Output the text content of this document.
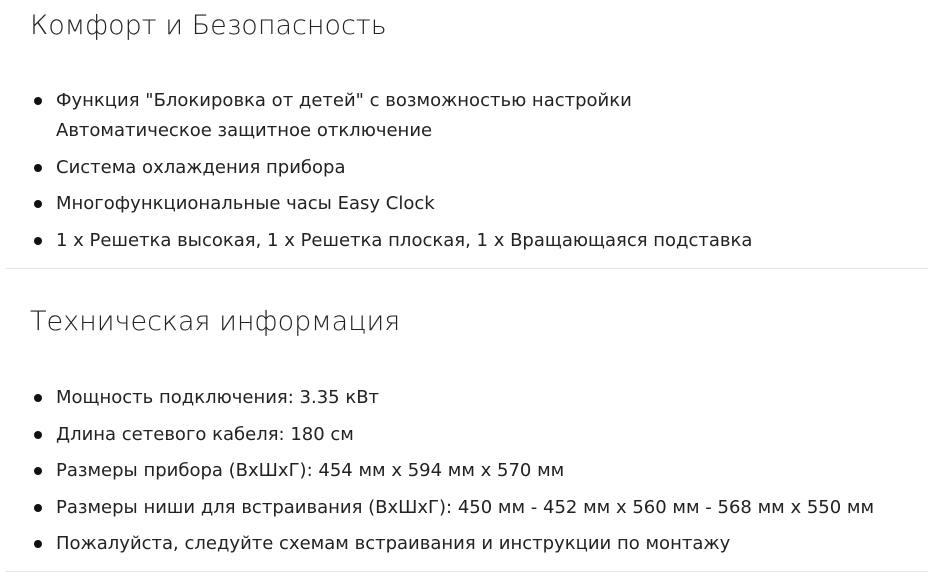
Комфорт и Безопасность
Функция "Блокировка от детей" с возможностью настройки
Автоматическое защитное отключение
Система охлаждения прибора
Многофункциональные часы Easy Clock
1 x Решетка высокая, 1 x Решетка плоская, 1 x Вращающаяся подставка
Техническая информация
Мощность подключения: 3.35 кВт
Длина сетевого кабеля: 180 см
Размеры прибора (ВхШхГ): 454 мм x 594 мм x 570 мм
Размеры ниши для встраивания (ВхШхГ): 450 мм - 452 мм x 560 мм - 568 мм x 550 мм
Пожалуйста, следуйте схемам встраивания и инструкции по монтажу
